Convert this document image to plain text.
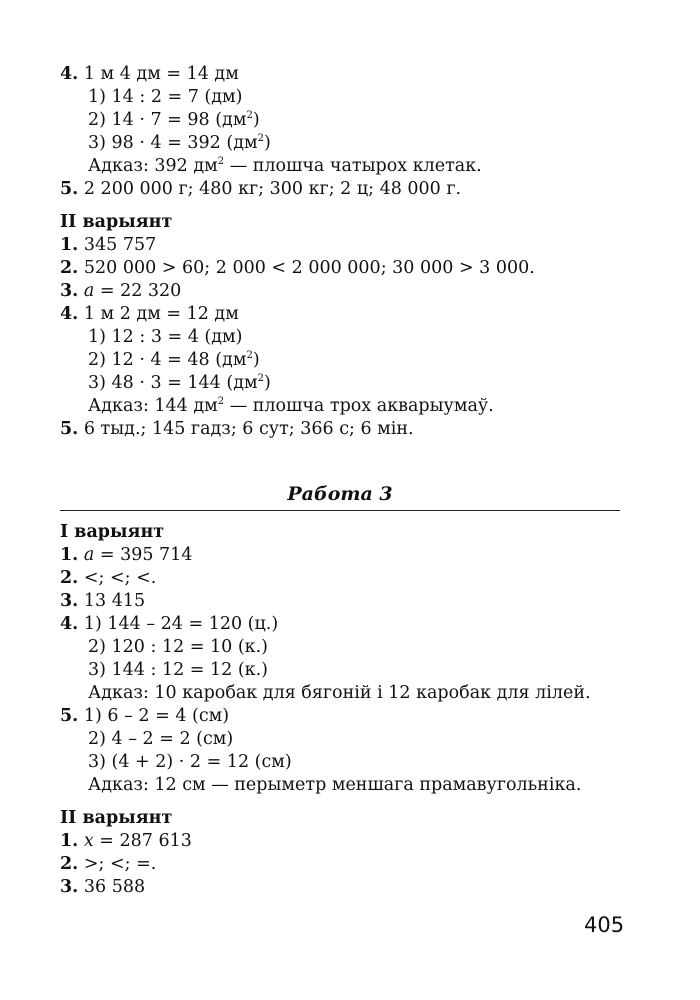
4. 1 м 4 дм = 14 дм
1) 14 : 2 = 7 (дм)
2) 14 · 7 = 98 $(дм^2)$
3) 98 · 4 = 392 $(дм^2)$
Адказ: 392 $дм^2$ — плошча чатырох клетак.
5. 2 200 000 г; 480 кг; 300 кг; 2 ц; 48 000 г.
II варыянт
1. 345 757
2. 520 000 > 60; 2 000 < 2 000 000; 30 000 > 3 000.
3. a = 22 320
4. 1 м 2 дм = 12 дм
1) 12 : 3 = 4 (дм)
2) 12 · 4 = 48 $(дм^2)$
3) 48 · 3 = 144 $(дм^2)$
Адказ: 144 $дм^2$ — плошча трох акварыумаў.
5. 6 тыд.; 145 гадз; 6 сут; 366 с; 6 мін.
Работа 3
I варыянт
1. a = 395 714
2. <; <; <.
3. 13 415
4. 1) 144 – 24 = 120 (ц.)
2) 120 : 12 = 10 (к.)
3) 144 : 12 = 12 (к.)
Адказ: 10 каробак для бягоній і 12 каробак для лілей.
5. 1) 6 – 2 = 4 (см)
2) 4 – 2 = 2 (см)
3) (4 + 2) · 2 = 12 (см)
Адказ: 12 см — перыметр меншага прамавугольніка.
II варыянт
1. x = 287 613
2. >; <; =.
3. 36 588
405
